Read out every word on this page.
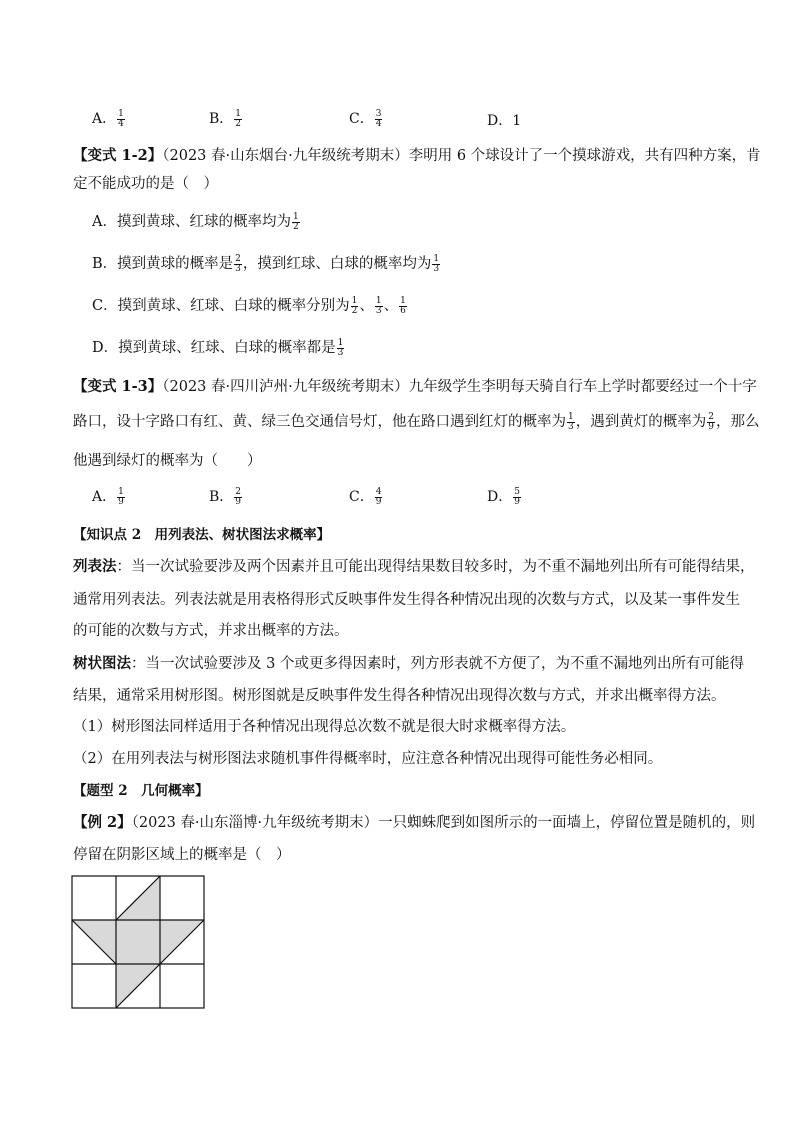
A． $\frac{1}{4}$	B． $\frac{1}{2}$	C． $\frac{3}{4}$	D．1
【变式 1-2】（2023 春·山东烟台·九年级统考期末）李明用 6 个球设计了一个摸球游戏，共有四种方案，肯
定不能成功的是（　）
A．摸到黄球、红球的概率均为 $\frac{1}{2}$
B．摸到黄球的概率是 $\frac{2}{3}$ ，摸到红球、白球的概率均为 $\frac{1}{3}$
C．摸到黄球、红球、白球的概率分别为 $\frac{1}{2}$ 、 $\frac{1}{3}$ 、 $\frac{1}{6}$
D．摸到黄球、红球、白球的概率都是 $\frac{1}{3}$
【变式 1-3】（2023 春·四川泸州·九年级统考期末）九年级学生李明每天骑自行车上学时都要经过一个十字
路口，设十字路口有红、黄、绿三色交通信号灯，他在路口遇到红灯的概率为 $\frac{1}{3}$ ，遇到黄灯的概率为 $\frac{2}{9}$ ，那么
他遇到绿灯的概率为（　　）
A． $\frac{1}{9}$	B． $\frac{2}{9}$	C． $\frac{4}{9}$	D． $\frac{5}{9}$
【知识点 2　用列表法、树状图法求概率】
列表法：当一次试验要涉及两个因素并且可能出现得结果数目较多时，为不重不漏地列出所有可能得结果，
通常用列表法。列表法就是用表格得形式反映事件发生得各种情况出现的次数与方式，以及某一事件发生
的可能的次数与方式，并求出概率的方法。
树状图法：当一次试验要涉及 3 个或更多得因素时，列方形表就不方便了，为不重不漏地列出所有可能得
结果，通常采用树形图。树形图就是反映事件发生得各种情况出现得次数与方式，并求出概率得方法。
（1）树形图法同样适用于各种情况出现得总次数不就是很大时求概率得方法。
（2）在用列表法与树形图法求随机事件得概率时，应注意各种情况出现得可能性务必相同。
【题型 2　几何概率】
【例 2】（2023 春·山东淄博·九年级统考期末）一只蜘蛛爬到如图所示的一面墙上，停留位置是随机的，则
停留在阴影区域上的概率是（　）
